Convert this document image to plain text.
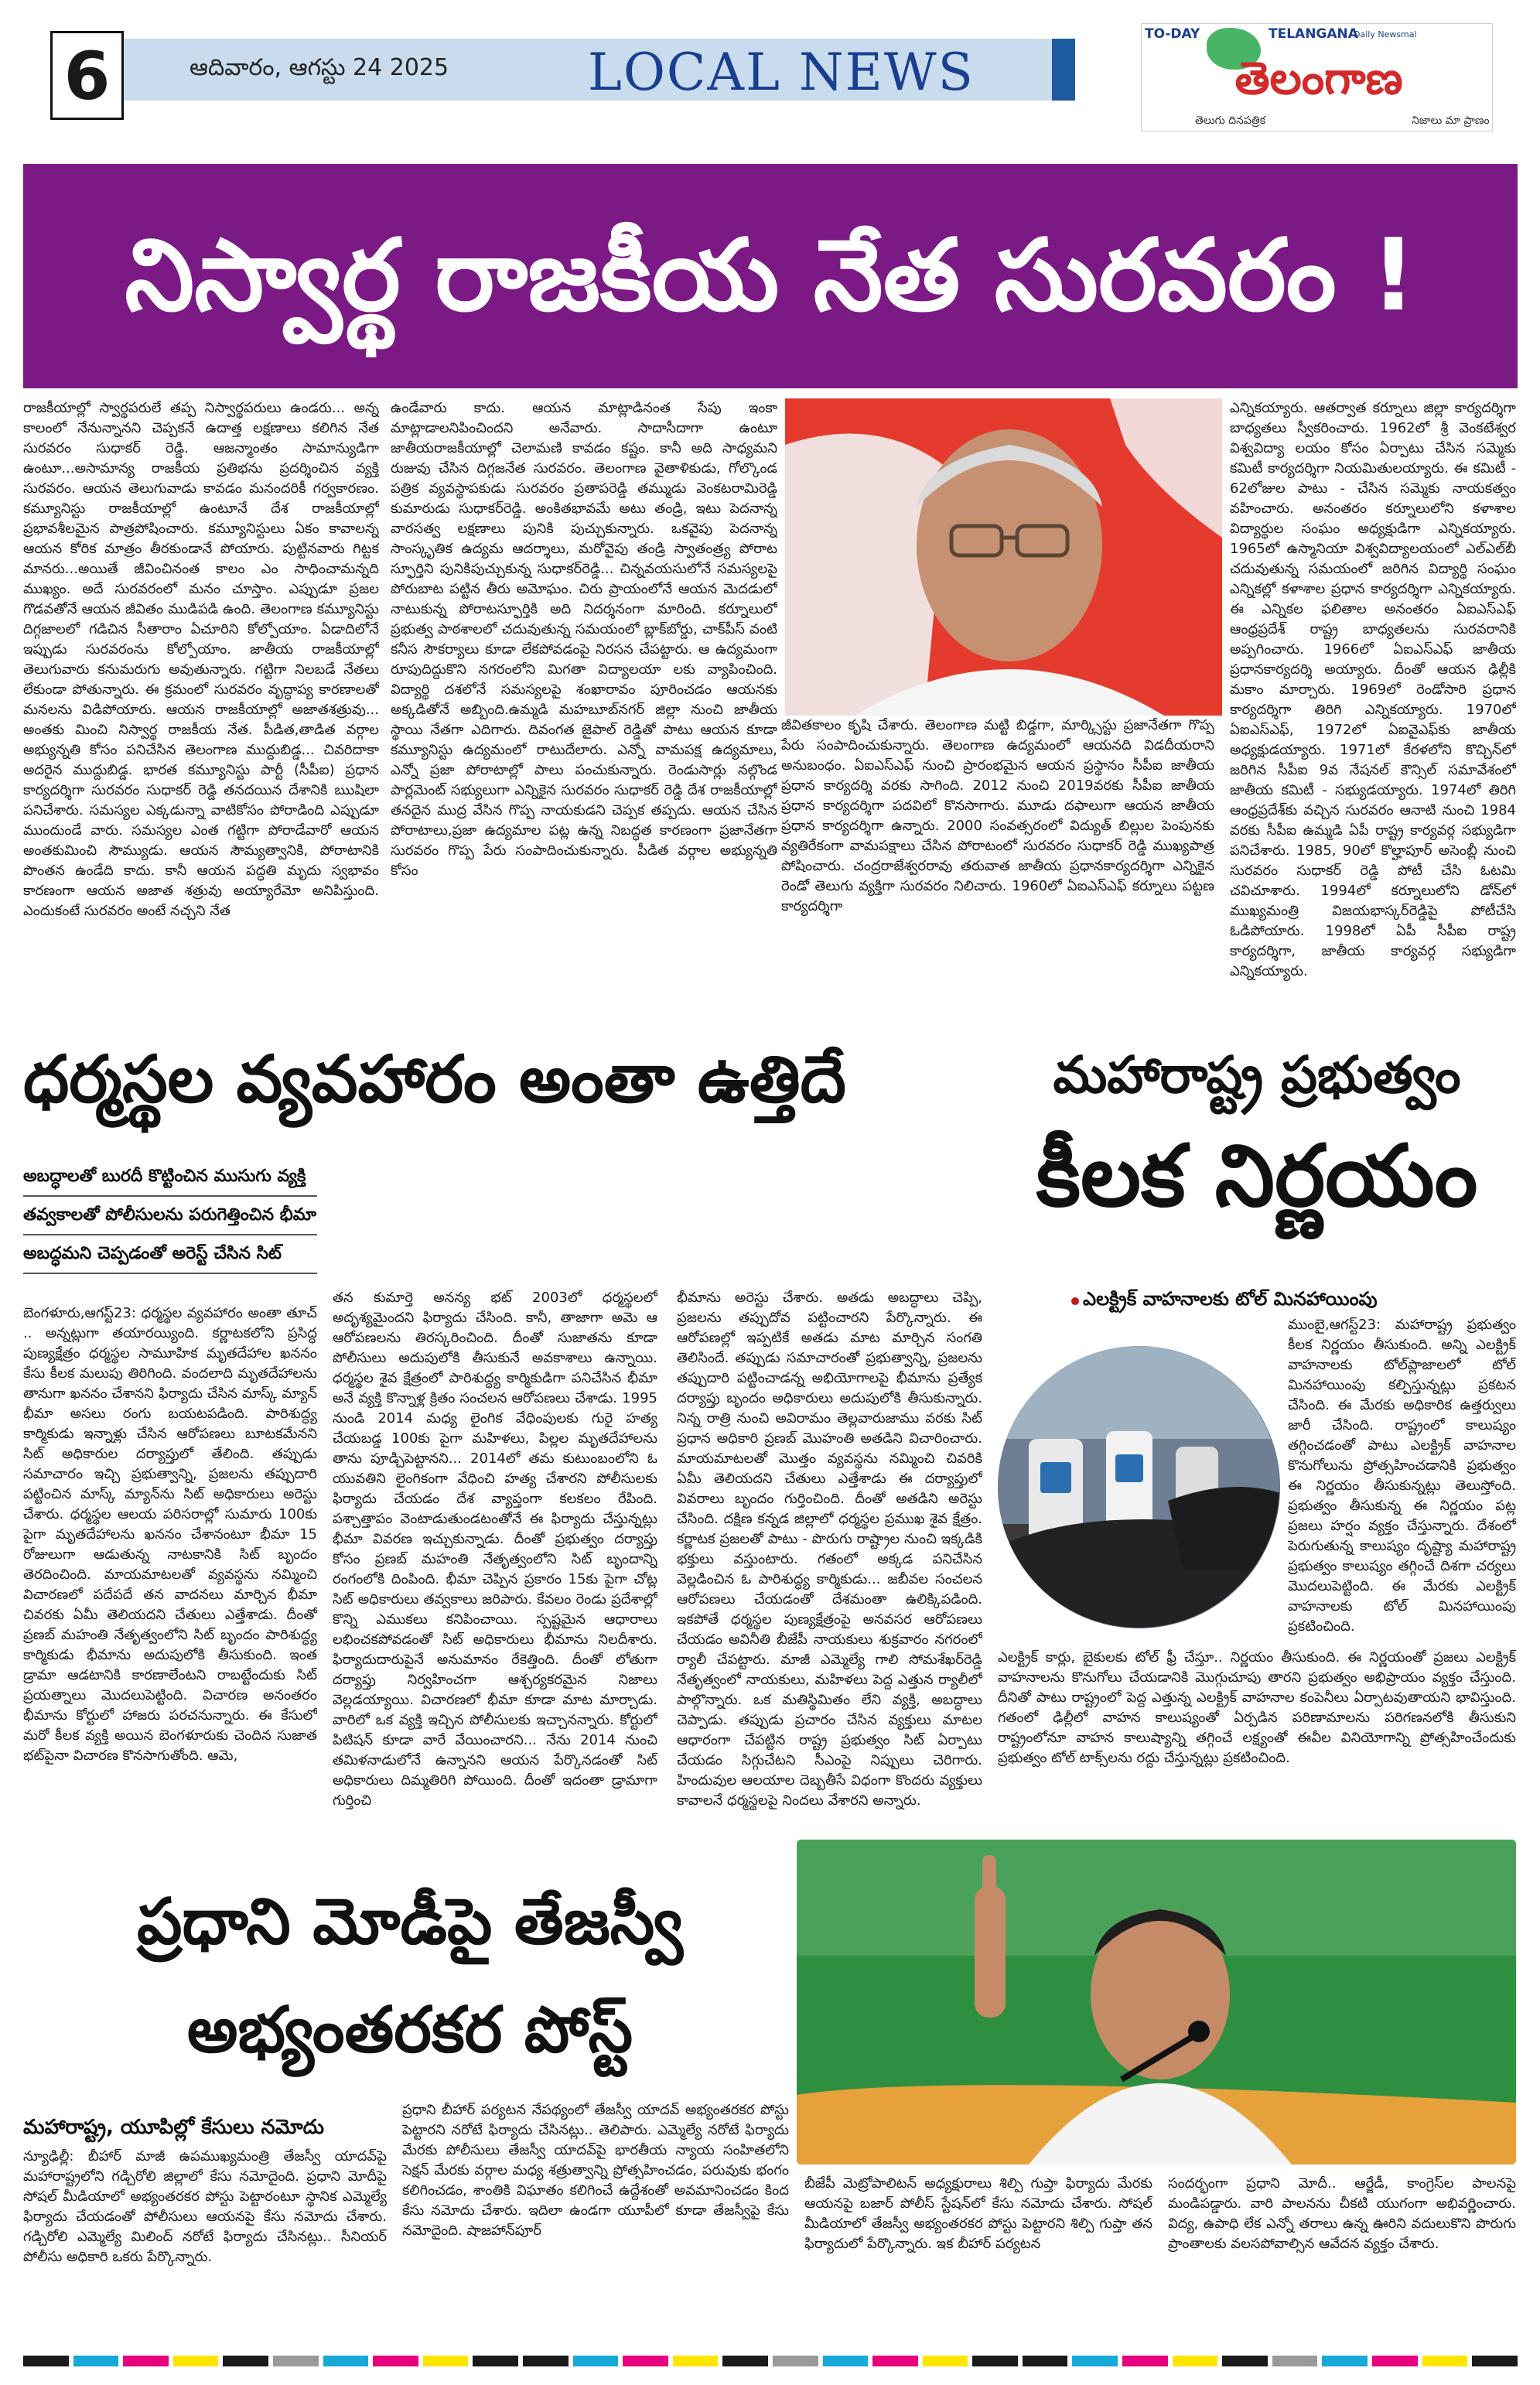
6	ఆదివారం, ఆగస్టు 24 2025	LOCAL NEWS
TO-DAY	TELANGANA
Daily Newsmal
తెలంగాణ
తెలుగు దినపత్రిక	నిజాలు మా ప్రాణం
నిస్వార్థ రాజకీయ నేత సురవరం !
రాజకీయాల్లో స్వార్థపరులే తప్ప నిస్వార్థపరులు ఉండరు... అన్న కాలంలో నేనున్నానని చెప్పకనే ఉదాత్త లక్షణాలు కలిగిన నేత సురవరం సుధాకర్ రెడ్డి. ఆజన్మాంతం సామాన్యుడిగా ఉంటూ...అసామాన్య రాజకీయ ప్రతిభను ప్రదర్శించిన వ్యక్తి సురవరం. ఆయన తెలుగువాడు కావడం మనందరికీ గర్వకారణం. కమ్యూనిస్టు రాజకీయాల్లో ఉంటూనే దేశ రాజకీయాల్లో ప్రభావశీలమైన పాత్రపోషించారు. కమ్యూనిస్టులు ఏకం కావాలన్న ఆయన కోరిక మాత్రం తీరకుండానే పోయారు. పుట్టినవారు గిట్టక మానరు...అయితే జీవించినంత కాలం ఎం సాధించామన్నది ముఖ్యం. అదే సురవరంలో మనం చూస్తాం. ఎప్పుడూ ప్రజల గొడవతోనే ఆయన జీవితం ముడిపడి ఉంది. తెలంగాణ కమ్యూనిస్టు దిగ్గజాలలో గడిచిన సీతారాం ఏచూరిని కోల్పోయాం. ఏడాదిలోనే ఇప్పుడు సురవరంను కోల్పోయాం. జాతీయ రాజకీయాల్లో తెలుగువారు కనుమరుగు అవుతున్నారు. గట్టిగా నిలబడే నేతలు లేకుండా పోతున్నారు. ఈ క్రమంలో సురవరం వృద్ధాప్య కారణాలతో మనలను విడిపోయారు. ఆయన రాజకీయాల్లో అజాతశత్రువు... అంతకు మించి నిస్వార్థ రాజకీయ నేత. పీడిత,తాడిత వర్గాల అభ్యున్నతి కోసం పనిచేసిన తెలంగాణ ముద్దుబిడ్డ... చివరిదాకా అదరైన ముద్దుబిడ్డ. భారత కమ్యూనిస్టు పార్టీ (సీపీఐ) ప్రధాన కార్యదర్శిగా సురవరం సుధాకర్ రెడ్డి తనదయిన దేశానికి ఋషిలా పనిచేశారు. సమస్యల ఎక్కడున్నా వాటికోసం పోరాడింది ఎప్పుడూ ముందుండే వారు. సమస్యల ఎంత గట్టిగా పోరాడేవారో ఆయన అంతకుమించి సౌమ్యుడు. ఆయన సౌమ్యత్వానికి, పోరాటానికి పొంతన ఉండేది కాదు. కానీ ఆయన పద్ధతి మృదు స్వభావం కారణంగా ఆయన అజాత శత్రువు అయ్యారేమో అనిపిస్తుంది. ఎందుకంటే సురవరం అంటే నచ్చని నేత
ఉండేవారు కాదు. ఆయన మాట్లాడినంత సేపు ఇంకా మాట్లాడాలనిపించిందని అనేవారు. సాదాసీదాగా ఉంటూ జాతీయరాజకీయాల్లో చెలామణి కావడం కష్టం. కానీ అది సాధ్యమని రుజువు చేసిన దిగ్గజనేత సురవరం. తెలంగాణ వైతాళికుడు, గోల్కొండ పత్రిక వ్యవస్థాపకుడు సురవరం ప్రతాపరెడ్డి తమ్ముడు వెంకటరామిరెడ్డి కుమారుడు సుధాకర్‌రెడ్డి. అంకితభావమే అటు తండ్రి, ఇటు పెదనాన్న వారసత్వ లక్షణాలు పునికి పుచ్చుకున్నారు. ఒకవైపు పెదనాన్న సాంస్కృతిక ఉద్యమ ఆదర్శాలు, మరోవైపు తండ్రి స్వాతంత్ర్య పోరాట స్ఫూర్తిని పునికిపుచ్చుకున్న సుధాకర్‌రెడ్డి... చిన్నవయసులోనే సమస్యలపై పోరుబాట పట్టిన తీరు అమోఘం. చిరు ప్రాయంలోనే ఆయన మెదడులో నాటుకున్న పోరాటస్ఫూర్తికి అది నిదర్శనంగా మారింది. కర్నూలులో ప్రభుత్వ పాఠశాలలో చదువుతున్న సమయంలో బ్లాక్‌బోర్డు, చాక్‌పీస్ వంటి కనీస సౌకర్యాలు కూడా లేకపోవడంపై నిరసన చేపట్టారు. ఆ ఉద్యమంగా రూపుదిద్దుకొని నగరంలోని మిగతా విద్యాలయా లకు వ్యాపించింది. విద్యార్థి దశలోనే సమస్యలపై శంఖారావం పూరించడం ఆయనకు అక్కడితోనే అబ్బింది.ఉమ్మడి మహబూబ్‌నగర్ జిల్లా నుంచి జాతీయ స్థాయి నేతగా ఎదిగారు. దివంగత జైపాల్ రెడ్డితో పాటు ఆయన కూడా కమ్యూనిస్టు ఉద్యమంలో రాటుదేలారు. ఎన్నో వామపక్ష ఉద్యమాలు, ఎన్నో ప్రజా పోరాటాల్లో పాలు పంచుకున్నారు. రెండుసార్లు నల్గొండ పార్లమెంట్ సభ్యులుగా ఎన్నికైన సురవరం సుధాకర్ రెడ్డి దేశ రాజకీయాల్లో తనదైన ముద్ర వేసిన గొప్ప నాయకుడని చెప్పక తప్పదు. ఆయన చేసిన పోరాటాలు,ప్రజా ఉద్యమాల పట్ల ఉన్న నిబద్ధత కారణంగా ప్రజానేతగా సురవరం గొప్ప పేరు సంపాదించుకున్నారు. పీడిత వర్గాల అభ్యున్నతి కోసం
జీవితకాలం కృషి చేశారు. తెలంగాణ మట్టి బిడ్డగా, మార్క్సిస్టు ప్రజానేతగా గొప్ప పేరు సంపాదించుకున్నారు. తెలంగాణ ఉద్యమంలో ఆయనది విడదీయరాని అనుబంధం. ఏఐఎస్ఎఫ్ నుంచి ప్రారంభమైన ఆయన ప్రస్థానం సీపీఐ జాతీయ ప్రధాన కార్యదర్శి వరకు సాగింది. 2012 నుంచి 2019వరకు సీపీఐ జాతీయ ప్రధాన కార్యదర్శిగా పదవిలో కొనసాగారు. మూడు దఫాలుగా ఆయన జాతీయ ప్రధాన కార్యదర్శిగా ఉన్నారు. 2000 సంవత్సరంలో విద్యుత్ బిల్లుల పెంపునకు వ్యతిరేకంగా వామపక్షాలు చేసిన పోరాటంలో సురవరం సుధాకర్ రెడ్డి ముఖ్యపాత్ర పోషించారు. చంద్రరాజేశ్వరరావు తరువాత జాతీయ ప్రధానకార్యదర్శిగా ఎన్నికైన రెండో తెలుగు వ్యక్తిగా సురవరం నిలిచారు. 1960లో ఏఐఎస్ఎఫ్ కర్నూలు పట్టణ కార్యదర్శిగా
ఎన్నికయ్యారు. ఆతర్వాత కర్నూలు జిల్లా కార్యదర్శిగా బాధ్యతలు స్వీకరించారు. 1962లో శ్రీ వెంకటేశ్వర విశ్వవిద్యా లయం కోసం ఏర్పాటు చేసిన సమ్మెకు కమిటీ కార్యదర్శిగా నియమితులయ్యారు. ఈ కమిటీ - 62లోజుల పాటు - చేసిన సమ్మెకు నాయకత్వం వహించారు. అనంతరం కర్నూలులోని కళాశాల విద్యార్థుల సంఘం అధ్యక్షుడిగా ఎన్నికయ్యారు. 1965లో ఉస్మానియా విశ్వవిద్యాలయంలో ఎల్ఎల్‌బీ చదువుతున్న సమయంలో జరిగిన విద్యార్థి సంఘం ఎన్నికల్లో కళాశాల ప్రధాన కార్యదర్శిగా ఎన్నికయ్యారు. ఈ ఎన్నికల ఫలితాల అనంతరం ఏఐఎస్ఎఫ్ ఆంధ్రప్రదేశ్ రాష్ట్ర బాధ్యతలను సురవరానికి అప్పగించారు. 1966లో ఏఐఎస్ఎఫ్ జాతీయ ప్రధానకార్యదర్శి అయ్యారు. దీంతో ఆయన ఢిల్లీకి మకాం మార్చారు. 1969లో రెండోసారి ప్రధాన కార్యదర్శిగా తిరిగి ఎన్నికయ్యారు. 1970లో ఏఐఎస్ఎఫ్, 1972లో ఏఐవైఎఫ్‌కు జాతీయ అధ్యక్షుడయ్యారు. 1971లో కేరళలోని కొచ్చిన్‌లో జరిగిన సీపీఐ 9వ నేషనల్ కౌన్సిల్ సమావేశంలో జాతీయ కమిటీ - సభ్యుడయ్యారు. 1974లో తిరిగి ఆంధ్రప్రదేశ్‌కు వచ్చిన సురవరం ఆనాటి నుంచి 1984 వరకు సీపీఐ ఉమ్మడి ఏపీ రాష్ట్ర కార్యవర్గ సభ్యుడిగా పనిచేశారు. 1985, 90లో కొల్హాపూర్ అసెంబ్లీ నుంచి సురవరం సుధాకర్ రెడ్డి పోటీ చేసి ఓటమి చవిచూశారు. 1994లో కర్నూలులోని డోన్‌లో ముఖ్యమంత్రి విజయభాస్కర్‌రెడ్డిపై పోటీచేసి ఓడిపోయారు. 1998లో ఏపీ సీపీఐ రాష్ట్ర కార్యదర్శిగా, జాతీయ కార్యవర్గ సభ్యుడిగా ఎన్నికయ్యారు.
ధర్మస్థల వ్యవహారం అంతా ఉత్తిదే
అబద్ధాలతో బురదీ కొట్టించిన ముసుగు వ్యక్తి
తవ్వకాలతో పోలీసులను పరుగెత్తించిన భీమా
అబద్ధమని చెప్పడంతో అరెస్ట్ చేసిన సిట్
బెంగళూరు,ఆగస్ట్23: ధర్మస్థల వ్యవహారం అంతా తూచ్ .. అన్నట్లుగా తయారయ్యింది. కర్ణాటకలోని ప్రసిద్ధ పుణ్యక్షేత్రం ధర్మస్థల సామూహిక మృతదేహాల ఖననం కేసు కీలక మలుపు తిరిగింది. వందలాది మృతదేహాలను తానుగా ఖననం చేశానని ఫిర్యాదు చేసిన మాస్క్ మ్యాన్ భీమా అసలు రంగు బయటపడింది. పారిశుద్ధ్య కార్మికుడు ఇన్నాళ్లు చేసిన ఆరోపణలు బూటకమేనని సిట్ అధికారుల దర్యాప్తులో తేలింది. తప్పుడు సమాచారం ఇచ్చి ప్రభుత్వాన్ని, ప్రజలను తప్పుదారి పట్టించిన మాస్క్ మ్యాన్‌ను సిట్ అధికారులు అరెస్టు చేశారు. ధర్మస్థల ఆలయ పరిసరాల్లో సుమారు 100కు పైగా మృతదేహాలను ఖననం చేశానంటూ భీమా 15 రోజులుగా ఆడుతున్న నాటకానికి సిట్ బృందం తెరదించింది. మాయమాటలతో వ్యవస్థను నమ్మించి విచారణలో పదేపదే తన వాదనలు మార్చిన భీమా చివరకు ఏమీ తెలియదని చేతులు ఎత్తేశాడు. దీంతో ప్రణబ్ మహంతి నేతృత్వంలోని సిట్ బృందం పారిశుద్ధ్య కార్మికుడు భీమాను అదుపులోకి తీసుకుంది. ఇంత డ్రామా ఆడటానికి కారణాలేంటని రాబట్టేందుకు సిట్ ప్రయత్నాలు మొదలుపెట్టింది. విచారణ అనంతరం భీమాను కోర్టులో హాజరు పరచనున్నారు. ఈ కేసులో మరో కీలక వ్యక్తి అయిన బెంగళూరుకు చెందిన సుజాత భట్‌పైనా విచారణ కొనసాగుతోంది. ఆమె,
తన కుమార్తె అనన్య భట్ 2003లో ధర్మస్థలలో అదృశ్యమైందని ఫిర్యాదు చేసింది. కానీ, తాజాగా అమె ఆ ఆరోపణలను తిరస్కరించింది. దీంతో సుజాతను కూడా పోలీసులు అదుపులోకి తీసుకునే అవకాశాలు ఉన్నాయి. ధర్మస్థల శైవ క్షేత్రంలో పారిశుద్ధ్య కార్మికుడిగా పనిచేసిన భీమా అనే వ్యక్తి కొన్నాళ్ల క్రితం సంచలన ఆరోపణలు చేశాడు. 1995 నుండి 2014 మధ్య లైంగిక వేధింపులకు గురై హత్య చేయబడ్డ 100కు పైగా మహిళలు, పిల్లల మృతదేహాలను తాను పూడ్చిపెట్టానని... 2014లో తమ కుటుంబంలోని ఓ యువతిని లైంగికంగా వేధించి హత్య చేశారని పోలీసులకు ఫిర్యాదు చేయడం దేశ వ్యాప్తంగా కలకలం రేపింది. పశ్చాత్తాపం వెంటాడుతుండటంతోనే ఈ ఫిర్యాదు చేస్తున్నట్లు భీమా వివరణ ఇచ్చుకున్నాడు. దీంతో ప్రభుత్వం దర్యాప్తు కోసం ప్రణబ్ మహంతి నేతృత్వంలోని సిట్ బృందాన్ని రంగంలోకి దింపింది. భీమా చెప్పిన ప్రకారం 15కు పైగా చోట్ల సిట్ అధికారులు తవ్వకాలు జరిపారు. కేవలం రెండు ప్రదేశాల్లో కొన్ని ఎముకలు కనిపించాయి. స్పష్టమైన ఆధారాలు లభించకపోవడంతో సిట్ అధికారులు భీమాను నిలదీశారు. ఫిర్యాదుదారుపైనే అనుమానం రేకెత్తింది. దీంతో లోతుగా దర్యాప్తు నిర్వహించగా ఆశ్చర్యకరమైన నిజాలు వెల్లడయ్యాయి. విచారణలో భీమా కూడా మాట మార్చాడు. వారిలో ఒక వ్యక్తి ఇచ్చిన పోలీసులకు ఇచ్చానన్నారు. కోర్టులో పిటిషన్ కూడా వారే వేయించారని... నేను 2014 నుంచి తమిళనాడులోనే ఉన్నానని ఆయన పేర్కొనడంతో సిట్ అధికారులు దిమ్మతిరిగి పోయింది. దీంతో ఇదంతా డ్రామాగా గుర్తించి
భీమాను అరెస్టు చేశారు. అతడు అబద్ధాలు చెప్పి, ప్రజలను తప్పుదోవ పట్టించారని పేర్కొన్నారు. ఈ ఆరోపణల్లో ఇప్పటికే అతడు మాట మార్చిన సంగతి తెలిసిందే. తప్పుడు సమాచారంతో ప్రభుత్వాన్ని, ప్రజలను తప్పుదారి పట్టించాడన్న అభియోగాలపై భీమాను ప్రత్యేక దర్యాప్తు బృందం అధికారులు అదుపులోకి తీసుకున్నారు. నిన్న రాత్రి నుంచి అవిరామం తెల్లవారుజాము వరకు సిట్ ప్రధాన అధికారి ప్రణబ్ మొహంతి అతడిని విచారించారు. మాయమాటలతో మొత్తం వ్యవస్థను నమ్మించి చివరికి ఏమీ తెలియదని చేతులు ఎత్తేశాడు ఈ దర్యాప్తులో వివరాలు బృందం గుర్తించింది. దీంతో అతడిని అరెస్టు చేసింది. దక్షిణ కన్నడ జిల్లాలో ధర్మస్థల ప్రముఖ శైవ క్షేత్రం. కర్ణాటక ప్రజలతో పాటు - పొరుగు రాష్ట్రాల నుంచి ఇక్కడికి భక్తులు వస్తుంటారు. గతంలో అక్కడ పనిచేసిన వెల్లడించిన ఓ పారిశుద్ధ్య కార్మికుడు... జబీవల సంచలన ఆరోపణలు చేయడంతో దేశమంతా ఉలిక్కిపడింది. ఇకపోతే ధర్మస్థల పుణ్యక్షేత్రంపై అనవసర ఆరోపణలు చేయడం అవినీతి బీజేపీ నాయకులు శుక్రవారం నగరంలో ర్యాలీ చేపట్టారు. మాజీ ఎమ్మెల్యే గాలి సోమశేఖర్‌రెడ్డి నేతృత్వంలో నాయకులు, మహిళలు పెద్ద ఎత్తున ర్యాలీలో పాల్గొన్నారు. ఒక మతిస్థిమితం లేని వ్యక్తి, అబద్ధాలు చెప్పాడు. తప్పుడు ప్రచారం చేసిన వ్యక్తులు మాటల ఆధారంగా చేపట్టిన రాష్ట్ర ప్రభుత్వం సిట్ ఏర్పాటు చేయడం సిగ్గుచేటని సీఎంపై నిప్పులు చెరిగారు. హిందువుల ఆలయాల దెబ్బతీసే విధంగా కొందరు వ్యక్తులు కావాలనే ధర్మస్థలపై నిందలు వేశారని అన్నారు.
మహారాష్ట్ర ప్రభుత్వం
కీలక నిర్ణయం
ఎలక్ట్రిక్ వాహనాలకు టోల్ మినహాయింపు
ముంబై,ఆగస్ట్23: మహారాష్ట్ర ప్రభుత్వం కీలక నిర్ణయం తీసుకుంది. అన్ని ఎలక్ట్రిక్ వాహనాలకు టోల్‌ప్లాజాలలో టోల్ మినహాయింపు కల్పిస్తున్నట్లు ప్రకటన చేసింది. ఈ మేరకు అధికారిక ఉత్తర్వులు జారీ చేసింది. రాష్ట్రంలో కాలుష్యం తగ్గించడంతో పాటు ఎలక్ట్రిక్ వాహనాల కొనుగోలును ప్రోత్సహించడానికి ప్రభుత్వం ఈ నిర్ణయం తీసుకున్నట్లు తెలుస్తోంది. ప్రభుత్వం తీసుకున్న ఈ నిర్ణయం పట్ల ప్రజలు హర్షం వ్యక్తం చేస్తున్నారు. దేశంలో పెరుగుతున్న కాలుష్యం దృష్ట్యా మహారాష్ట్ర ప్రభుత్వం కాలుష్యం తగ్గించే దిశగా చర్యలు మొదలుపెట్టింది. ఈ మేరకు ఎలక్ట్రిక్ వాహనాలకు టోల్ మినహాయింపు ప్రకటించింది.
ఎలక్ట్రిక్ కార్లు, బైకులకు టోల్ ఫ్రీ చేస్తూ.. నిర్ణయం తీసుకుంది. ఈ నిర్ణయంతో ప్రజలు ఎలక్ట్రిక్ వాహనాలను కొనుగోలు చేయడానికి మొగ్గుచూపు తారని ప్రభుత్వం అభిప్రాయం వ్యక్తం చేస్తుంది. దీనితో పాటు రాష్ట్రంలో పెద్ద ఎత్తున్న ఎలక్ట్రిక్ వాహనాల కంపెనీలు ఏర్పాటవుతాయని భావిస్తుంది. గతంలో ఢిల్లీలో వాహన కాలుష్యంతో ఏర్పడిన పరిణామాలను పరిగణనలోకి తీసుకుని రాష్ట్రంలోనూ వాహన కాలుష్యాన్ని తగ్గించే లక్ష్యంతో ఈవీల వినియోగాన్ని ప్రోత్సహించేందుకు ప్రభుత్వం టోల్ టాక్స్‌లను రద్దు చేస్తున్నట్లు ప్రకటించింది.
ప్రధాని మోడీపై తేజస్వీ
అభ్యంతరకర పోస్ట్
మహారాష్ట్ర, యూపిల్లో కేసులు నమోదు
న్యూఢిల్లీ: బీహార్ మాజీ ఉపముఖ్యమంత్రి తేజస్వీ యాదవ్‌పై మహారాష్ట్రలోని గడ్చిరోలి జిల్లాలో కేసు నమోదైంది. ప్రధాని మోదీపై సోషల్ మీడియాలో అభ్యంతరకర పోస్టు పెట్టారంటూ స్థానిక ఎమ్మెల్యే ఫిర్యాదు చేయడంతో పోలీసులు ఆయనపై కేసు నమోదు చేశారు. గడ్చిరోలి ఎమ్మెల్యే మిలింద్ నరోటే ఫిర్యాదు చేసినట్లు.. సీనియర్ పోలీసు అధికారి ఒకరు పేర్కొన్నారు.
ప్రధాని బీహార్ పర్యటన నేపథ్యంలో తేజస్వీ యాదవ్ అభ్యంతరకర పోస్టు పెట్టారని నరోటే ఫిర్యాదు చేసినట్లు.. తెలిపారు. ఎమ్మెల్యే నరోటే ఫిర్యాదు మేరకు పోలీసులు తేజస్వీ యాదవ్‌పై భారతీయ న్యాయ సంహితలోని సెక్షన్ మేరకు వర్గాల మధ్య శత్రుత్వాన్ని ప్రోత్సహించడం, పరువుకు భంగం కలిగించడం, శాంతికి విఘాతం కలిగించే ఉద్దేశంతో అవమానించడం కింద కేసు నమోదు చేశారు. ఇదిలా ఉండగా యూపీలో కూడా తేజస్వీపై కేసు నమోదైంది. షాజహాన్‌పూర్
బీజేపీ మెట్రోపాలిటన్ అధ్యక్షురాలు శిల్పి గుప్తా ఫిర్యాదు మేరకు ఆయనపై బజార్ పోలీస్ స్టేషన్‌లో కేసు నమోదు చేశారు. సోషల్ మీడియాలో తేజస్వీ అభ్యంతరకర పోస్టు పెట్టారని శిల్పి గుప్తా తన ఫిర్యాదులో పేర్కొన్నారు. ఇక బీహార్ పర్యటన
సందర్భంగా ప్రధాని మోదీ.. ఆర్జేడీ, కాంగ్రెస్‌ల పాలనపై మండిపడ్డారు. వారి పాలనను చీకటి యుగంగా అభివర్ణించారు. విద్య, ఉపాధి లేక ఎన్నో తరాలు ఉన్న ఊరిని వదులుకొని పొరుగు ప్రాంతాలకు వలసపోవాల్సిన ఆవేదన వ్యక్తం చేశారు.
